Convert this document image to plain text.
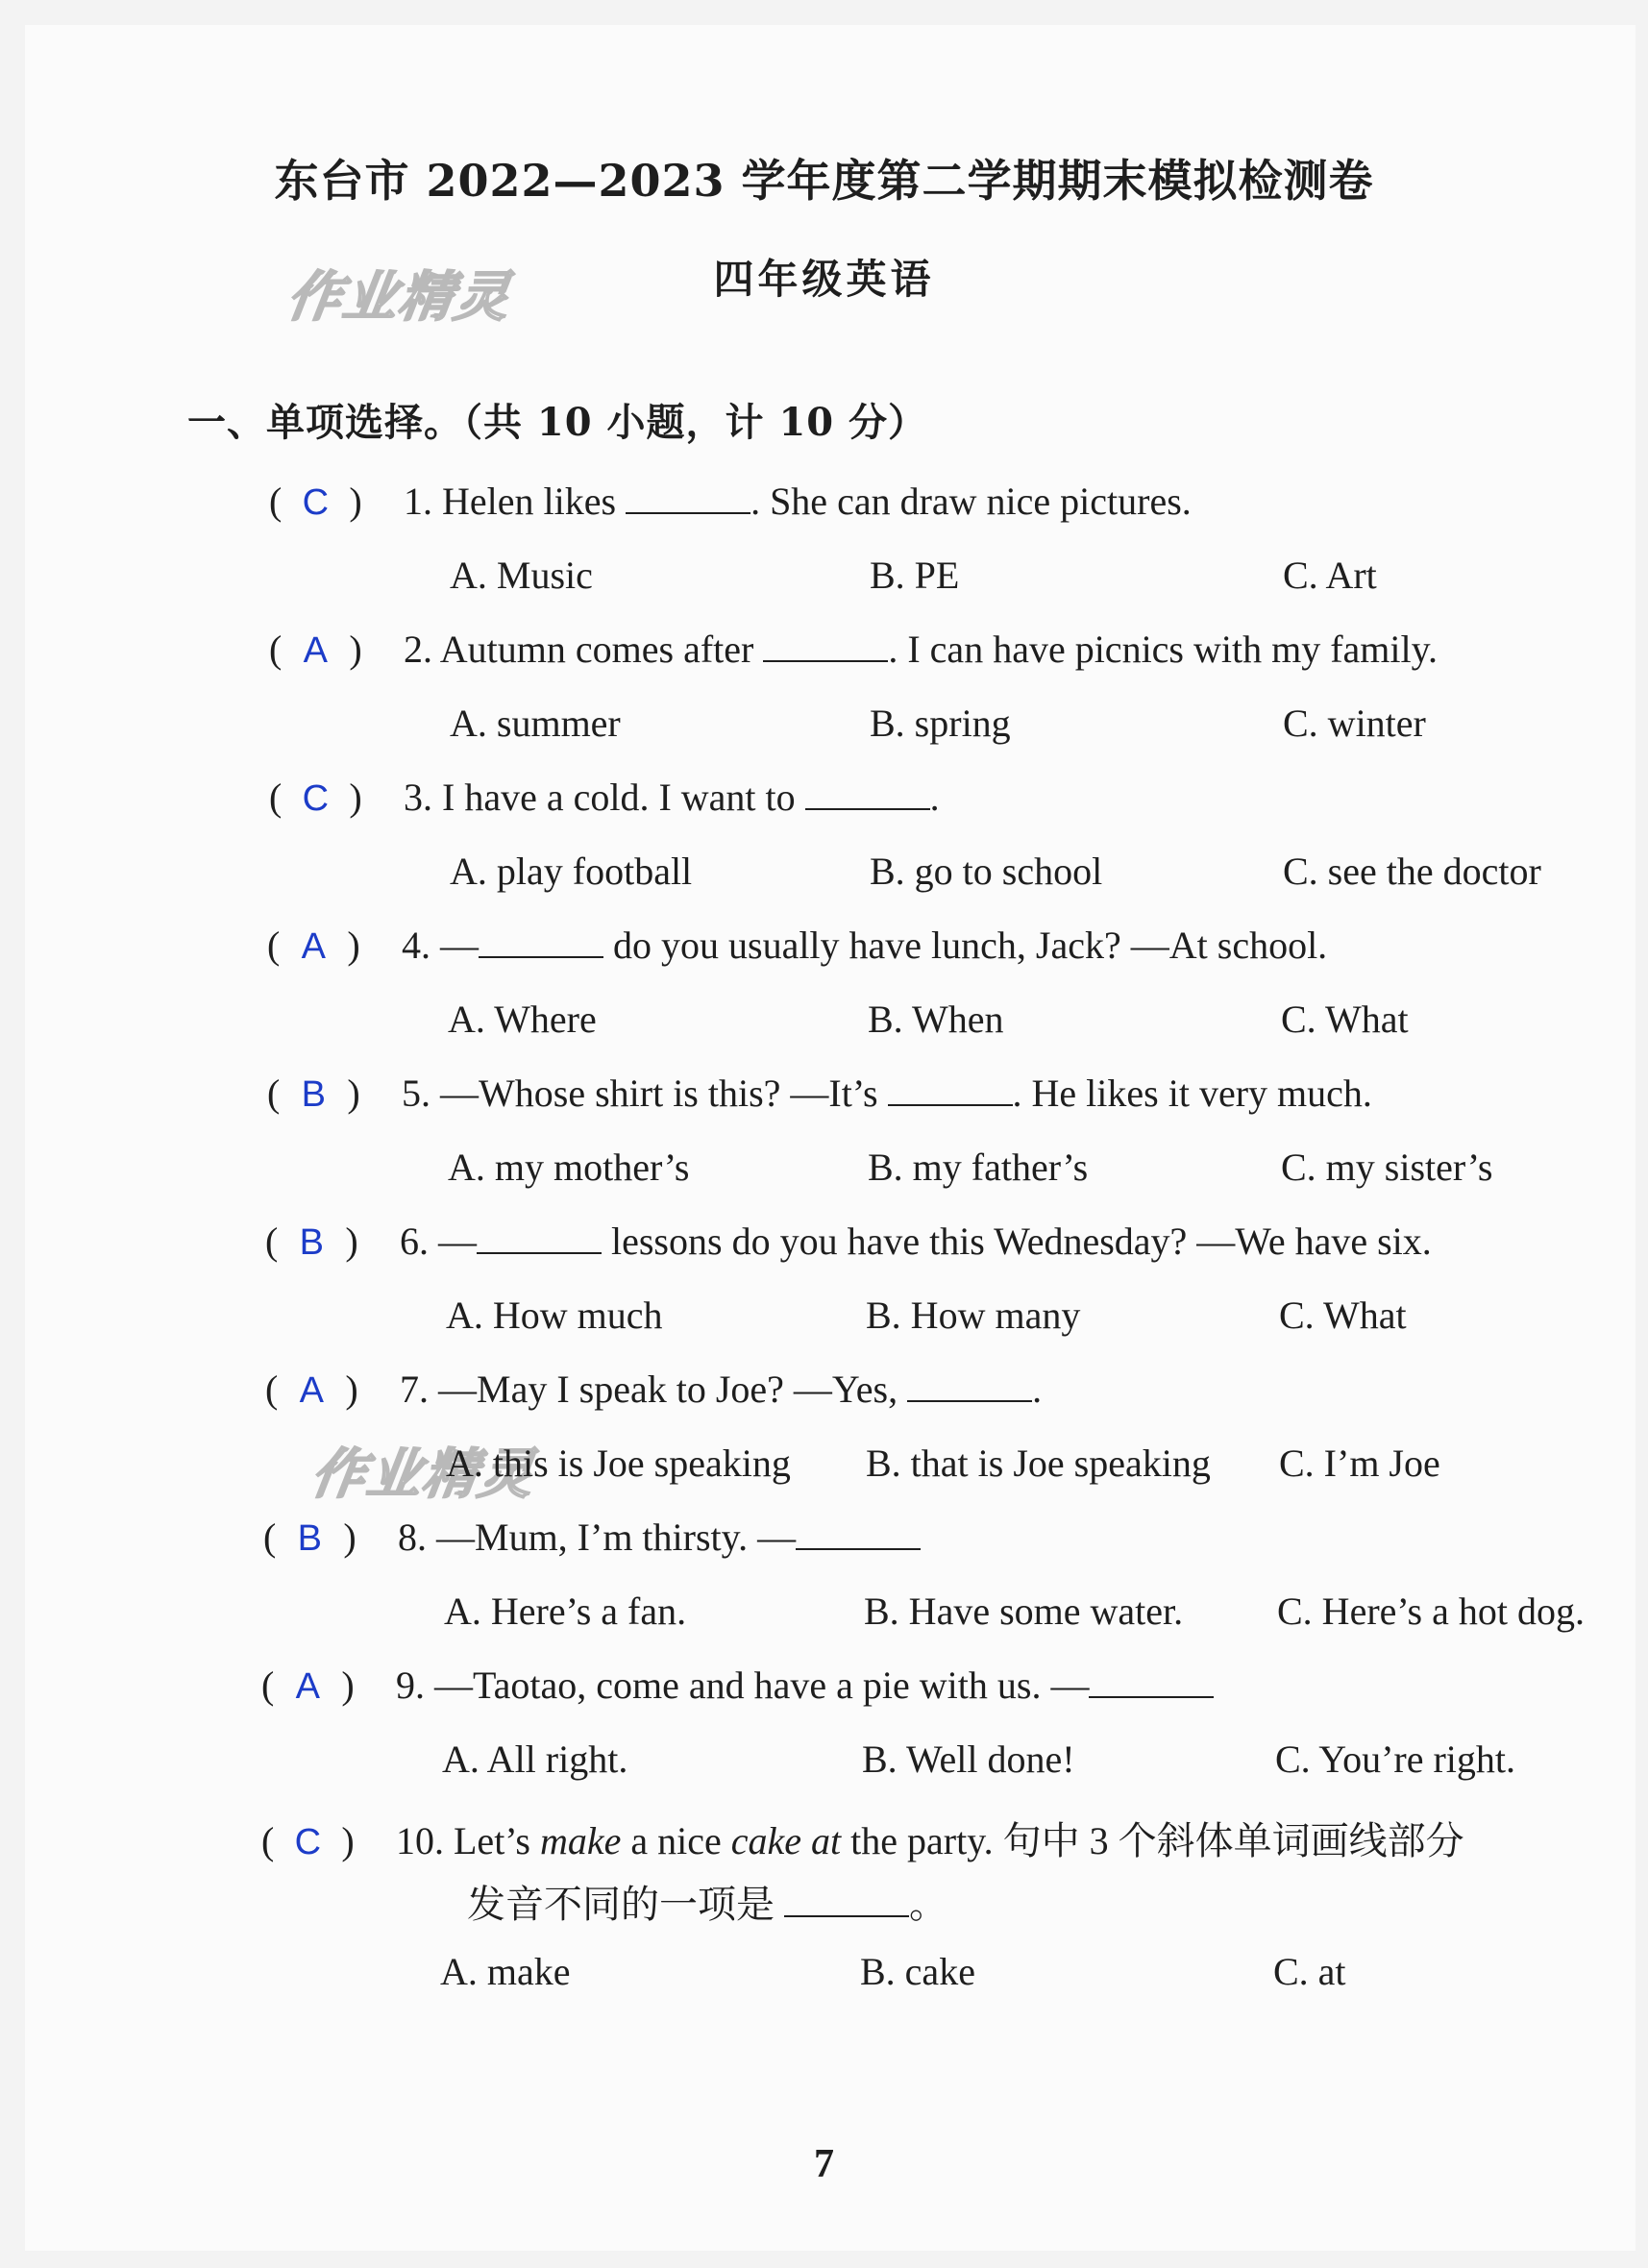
东台市 2022—2023 学年度第二学期期末模拟检测卷
四年级英语
作业精灵
作业精灵
一、单项选择。（共 10 小题，计 10 分）
( C ) 1. Helen likes	. She can draw nice pictures.
A. Music	B. PE	C. Art
( A ) 2. Autumn comes after	. I can have picnics with my family.
A. summer	B. spring	C. winter
( C ) 3. I have a cold. I want to	.
A. play football	B. go to school	C. see the doctor
( A ) 4. —	do you usually have lunch, Jack? —At school.
A. Where	B. When	C. What
( B ) 5. —Whose shirt is this? —It’s	. He likes it very much.
A. my mother’s	B. my father’s	C. my sister’s
( B ) 6. —	lessons do you have this Wednesday? —We have six.
A. How much	B. How many	C. What
( A ) 7. —May I speak to Joe? —Yes,	.
A. this is Joe speaking B. that is Joe speaking C. I’m Joe
( B ) 8. —Mum, I’m thirsty. —
A. Here’s a fan.	B. Have some water. C. Here’s a hot dog.
( A ) 9. —Taotao, come and have a pie with us. —
A. All right.	B. Well done!	C. You’re right.
( C ) 10. Let’s make a nice cake at the party. 句中 3 个斜体单词画线部分
发音不同的一项是	。
A. make	B. cake	C. at
7
